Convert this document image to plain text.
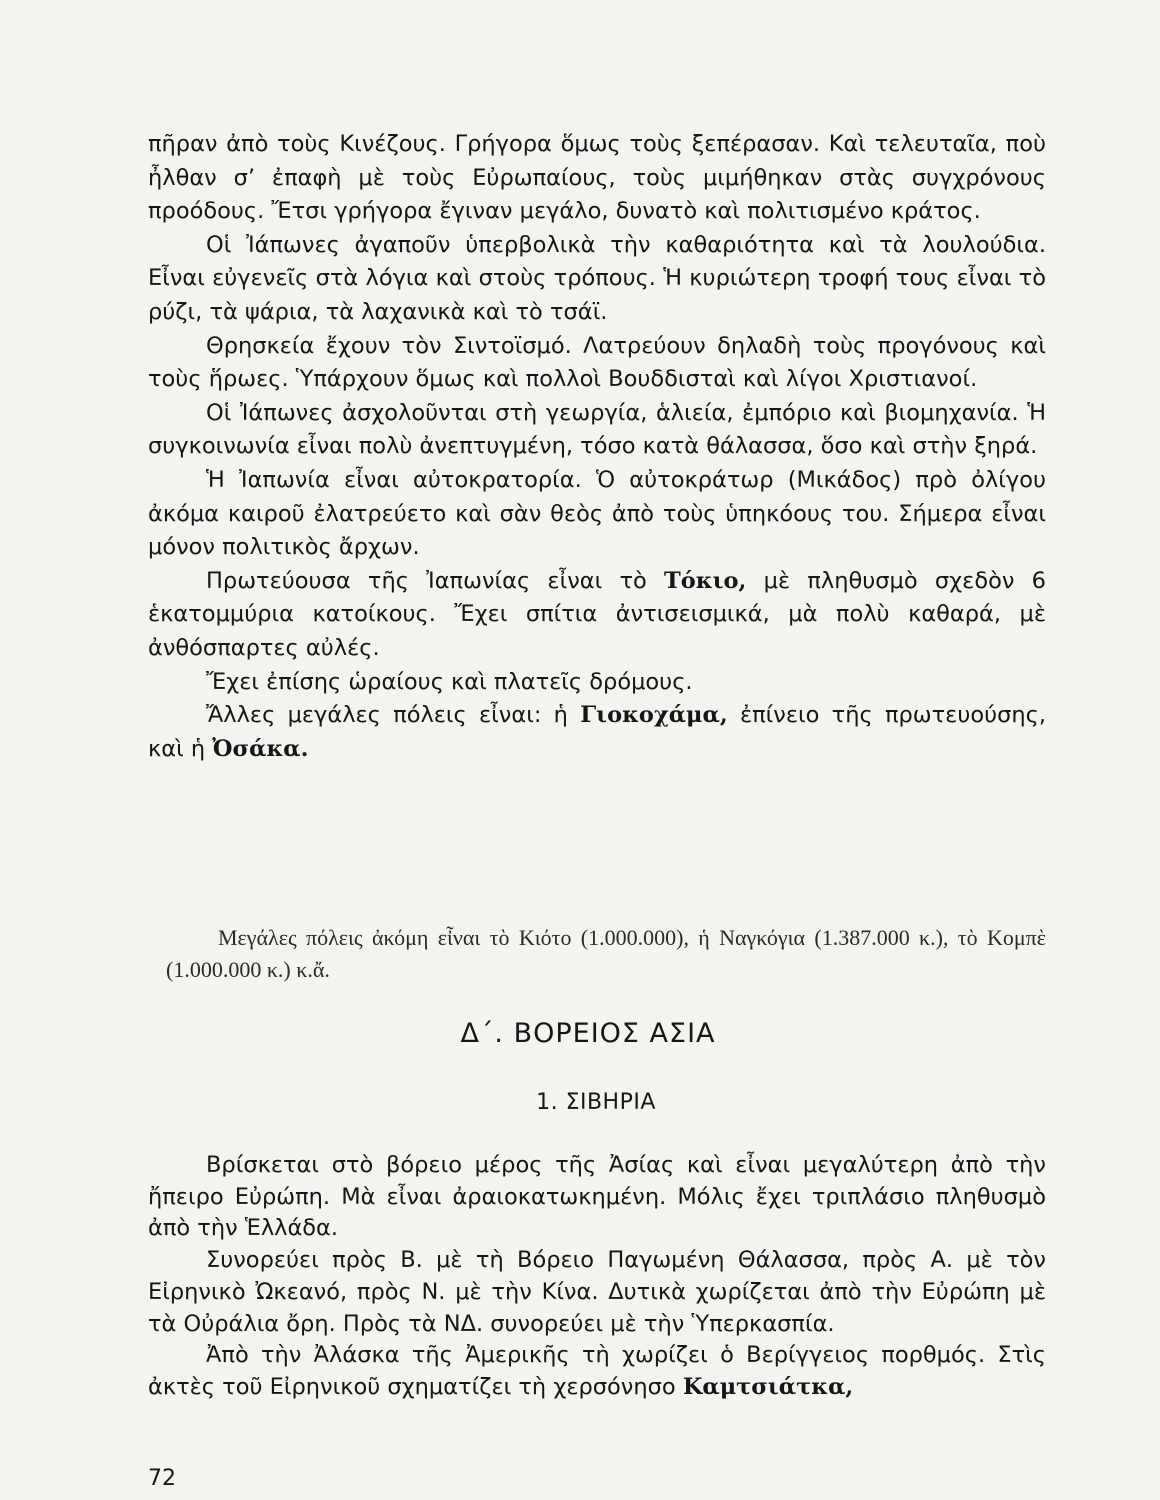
πῆραν ἀπὸ τοὺς Κινέζους. Γρήγορα ὅμως τοὺς ξεπέρασαν. Καὶ τελευταῖα, ποὺ ἦλθαν σ’ ἐπαφὴ μὲ τοὺς Εὐρωπαίους, τοὺς μιμήθηκαν στὰς συγχρόνους προόδους. Ἔτσι γρήγορα ἔγιναν μεγάλο, δυνατὸ καὶ πολιτισμένο κράτος.

Οἱ Ἰάπωνες ἀγαποῦν ὑπερβολικὰ τὴν καθαριότητα καὶ τὰ λουλούδια. Εἶναι εὐγενεῖς στὰ λόγια καὶ στοὺς τρόπους. Ἡ κυριώτερη τροφή τους εἶναι τὸ ρύζι, τὰ ψάρια, τὰ λαχανικὰ καὶ τὸ τσάϊ.

Θρησκεία ἔχουν τὸν Σιντοϊσμό. Λατρεύουν δηλαδὴ τοὺς προγόνους καὶ τοὺς ἥρωες. Ὑπάρχουν ὅμως καὶ πολλοὶ Βουδδισταὶ καὶ λίγοι Χριστιανοί.

Οἱ Ἰάπωνες ἀσχολοῦνται στὴ γεωργία, ἁλιεία, ἐμπόριο καὶ βιομηχανία. Ἡ συγκοινωνία εἶναι πολὺ ἀνεπτυγμένη, τόσο κατὰ θάλασσα, ὅσο καὶ στὴν ξηρά.

Ἡ Ἰαπωνία εἶναι αὐτοκρατορία. Ὁ αὐτοκράτωρ (Μικάδος) πρὸ ὀλίγου ἀκόμα καιροῦ ἐλατρεύετο καὶ σὰν θεὸς ἀπὸ τοὺς ὑπηκόους του. Σήμερα εἶναι μόνον πολιτικὸς ἄρχων.

Πρωτεύουσα τῆς Ἰαπωνίας εἶναι τὸ Τόκιο, μὲ πληθυσμὸ σχεδὸν 6 ἑκατομμύρια κατοίκους. Ἔχει σπίτια ἀντισεισμικά, μὰ πολὺ καθαρά, μὲ ἀνθόσπαρτες αὐλές.

Ἔχει ἐπίσης ὡραίους καὶ πλατεῖς δρόμους.

Ἄλλες μεγάλες πόλεις εἶναι: ἡ Γιοκοχάμα, ἐπίνειο τῆς πρωτευούσης, καὶ ἡ Ὀσάκα.

Μεγάλες πόλεις ἀκόμη εἶναι τὸ Κιότο (1.000.000), ἡ Ναγκόγια (1.387.000 κ.), τὸ Κομπὲ (1.000.000 κ.) κ.ἄ.

Δ΄. ΒΟΡΕΙΟΣ ΑΣΙΑ
1. ΣΙΒΗΡΙΑ

Βρίσκεται στὸ βόρειο μέρος τῆς Ἀσίας καὶ εἶναι μεγαλύτερη ἀπὸ τὴν ἤπειρο Εὐρώπη. Μὰ εἶναι ἀραιοκατωκημένη. Μόλις ἔχει τριπλάσιο πληθυσμὸ ἀπὸ τὴν Ἑλλάδα.

Συνορεύει πρὸς Β. μὲ τὴ Βόρειο Παγωμένη Θάλασσα, πρὸς Α. μὲ τὸν Εἰρηνικὸ Ὠκεανό, πρὸς Ν. μὲ τὴν Κίνα. Δυτικὰ χωρίζεται ἀπὸ τὴν Εὐρώπη μὲ τὰ Οὐράλια ὄρη. Πρὸς τὰ ΝΔ. συνορεύει μὲ τὴν Ὑπερκασπία.

Ἀπὸ τὴν Ἀλάσκα τῆς Ἀμερικῆς τὴ χωρίζει ὁ Βερίγγειος πορθμός. Στὶς ἀκτὲς τοῦ Εἰρηνικοῦ σχηματίζει τὴ χερσόνησο Καμτσιάτκα,

72
